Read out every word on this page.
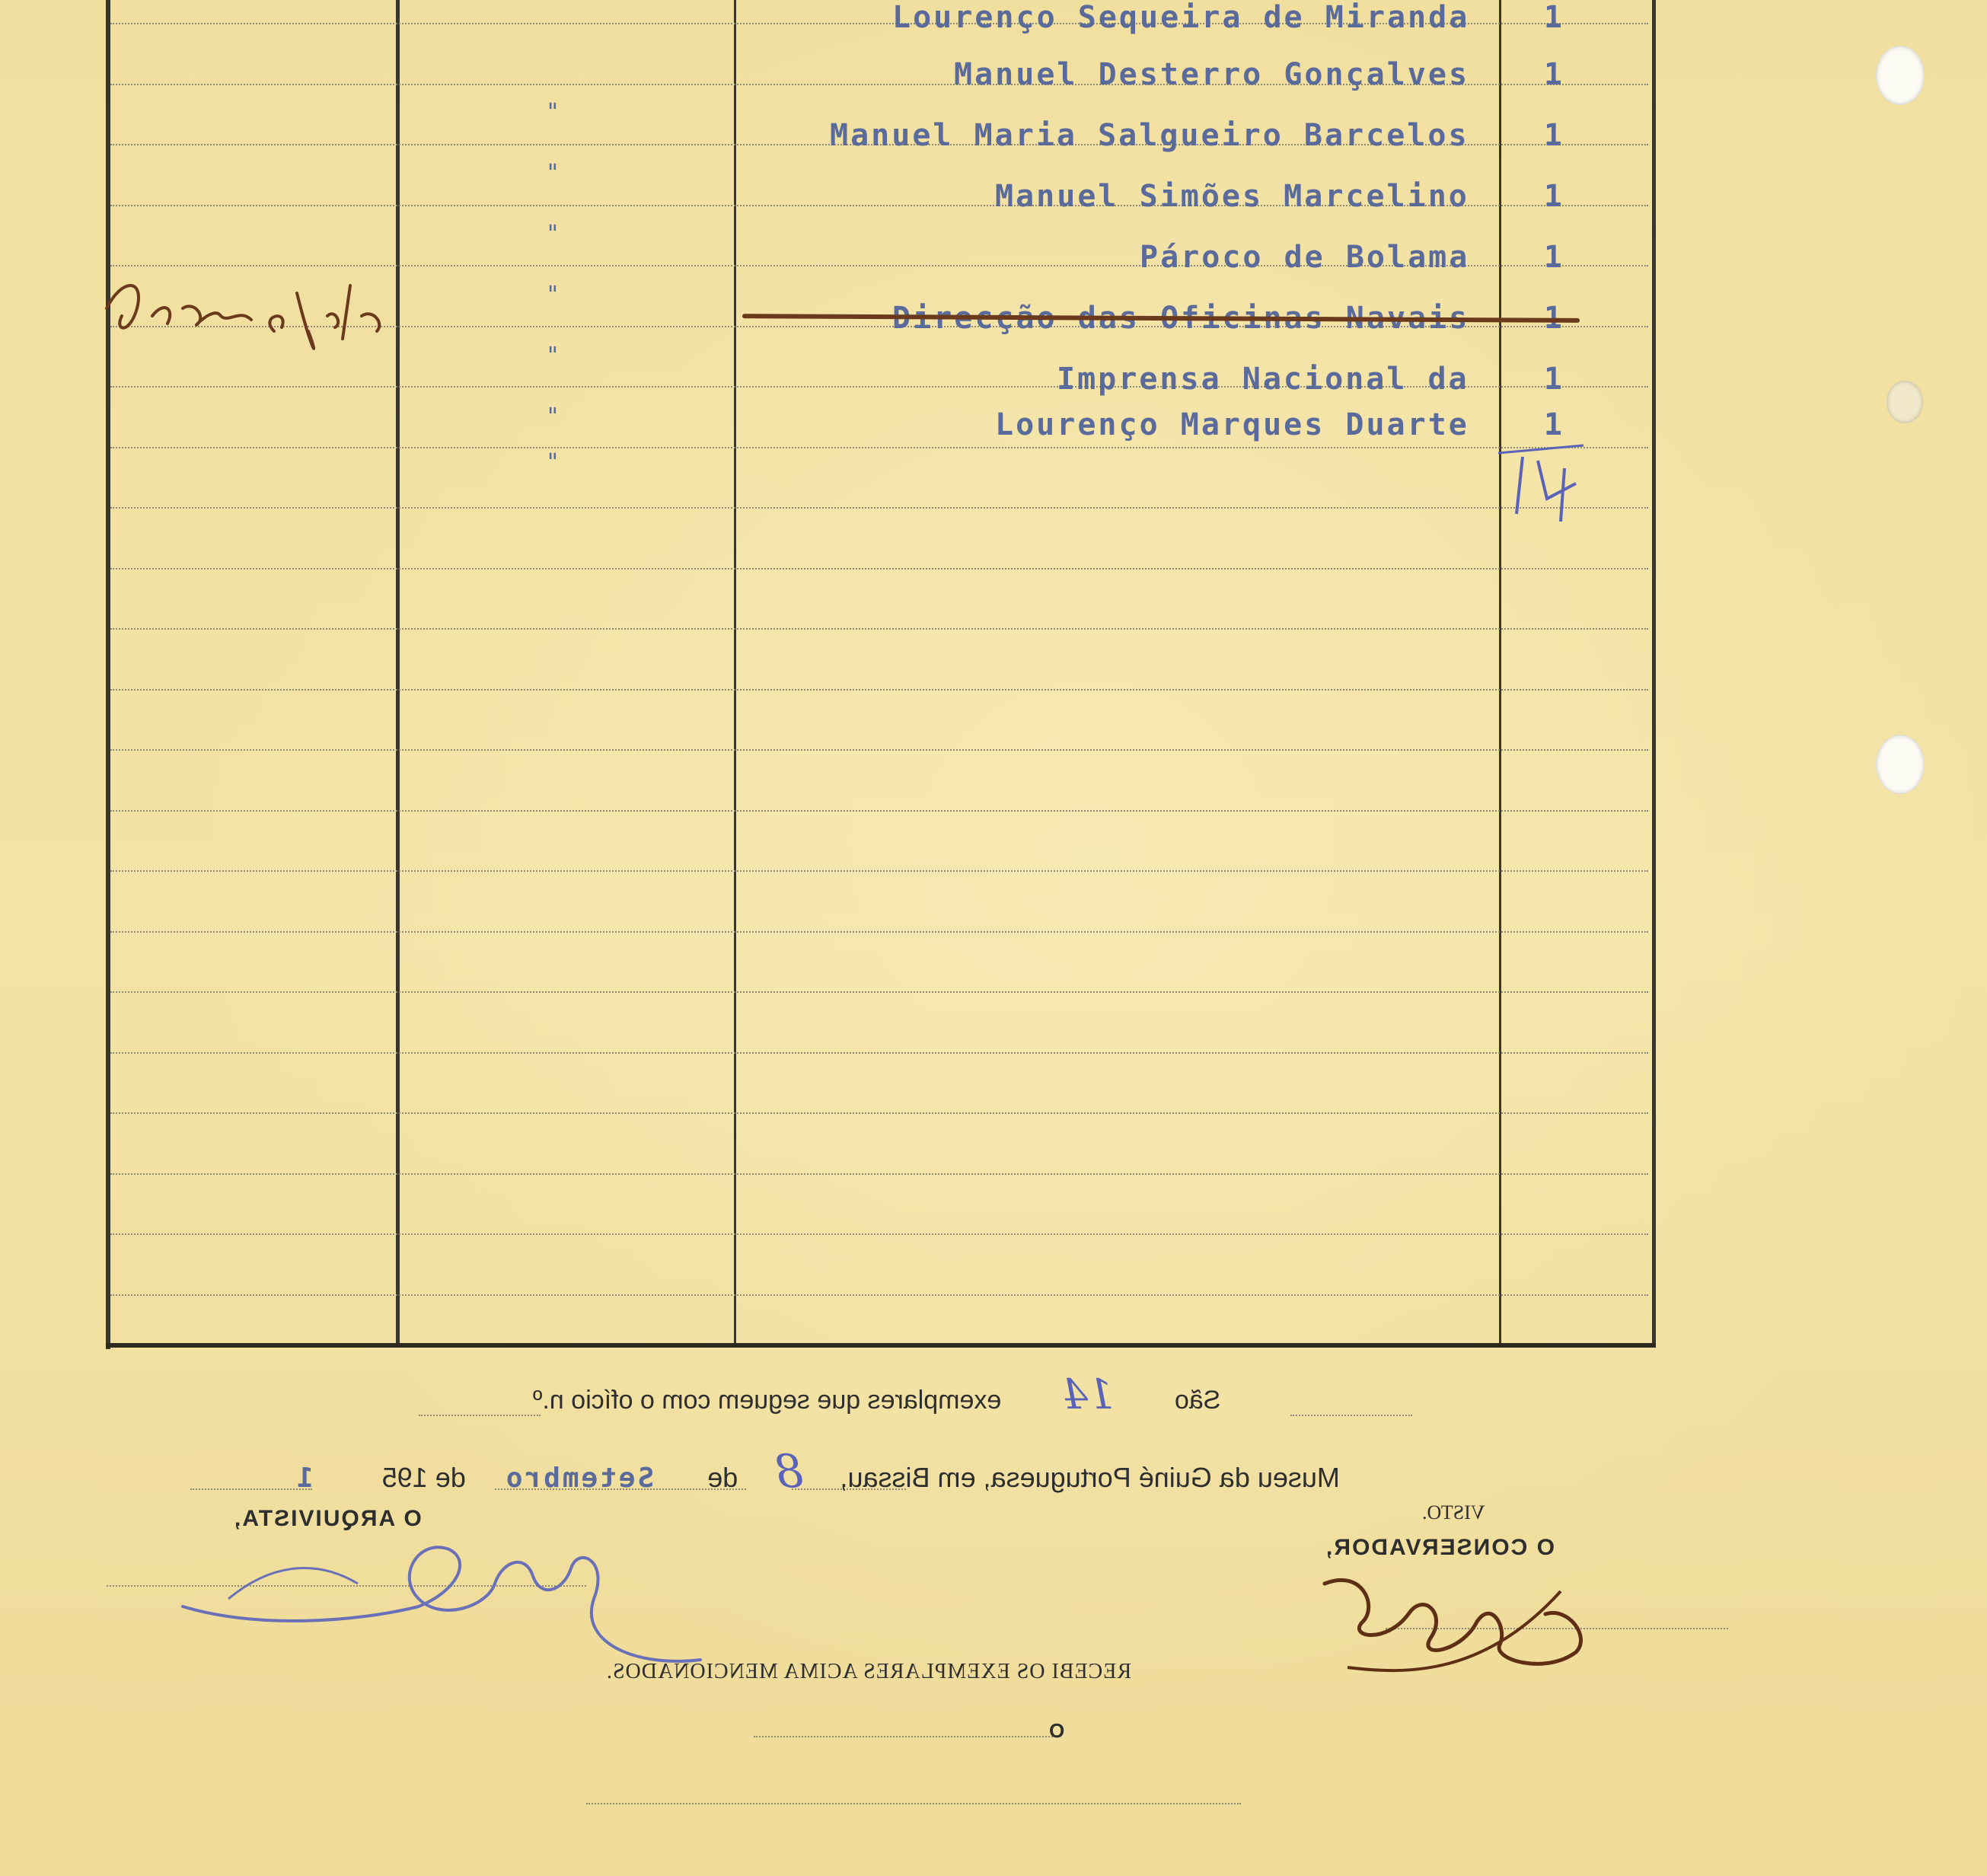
1
Lourenço Sequeira de Miranda
1
Manuel Desterro Gonçalves
"
1
Manuel Maria Salgueiro Barcelos
"
1
Manuel Simões Marcelino
"
1
Pároco de Bolama
"
"
1
Imprensa Nacional da
"	1
Lourenço Marques Duarte
"
São 14 exemplares que seguem com o ofício n.º
Museu da Guiné Portuguesa, em Bissau, 8 de Setembro de 195 1
VISTO.
O CONSERVADOR,
O ARQUIVISTA,
RECEBI OS EXEMPLARES ACIMA MENCIONADOS.
O
